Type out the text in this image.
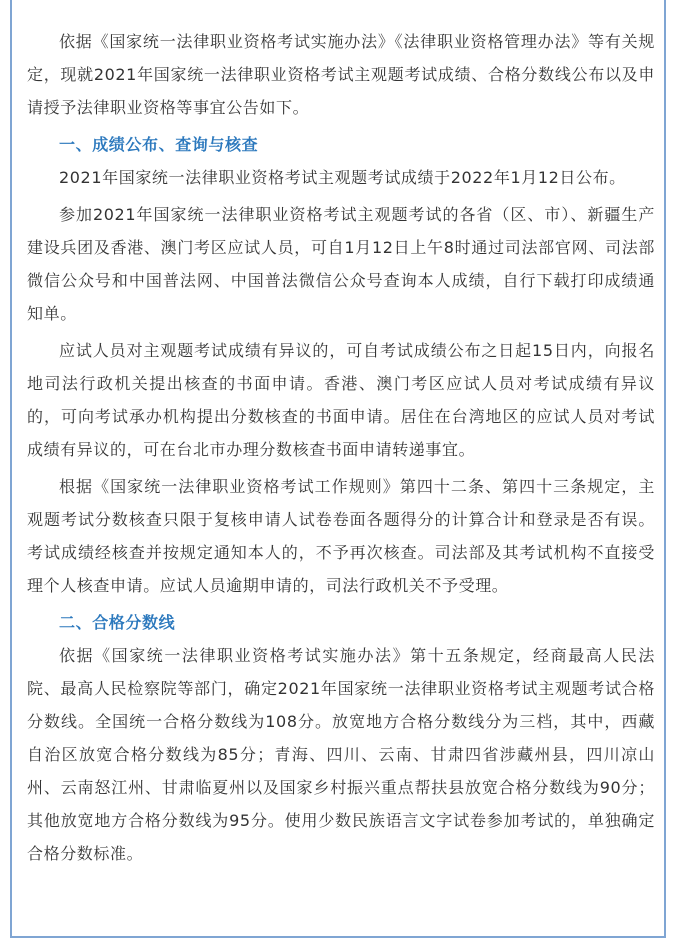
依据《国家统一法律职业资格考试实施办法》《法律职业资格管理办法》等有关规定，现就2021年国家统一法律职业资格考试主观题考试成绩、合格分数线公布以及申请授予法律职业资格等事宜公告如下。

一、成绩公布、查询与核查

2021年国家统一法律职业资格考试主观题考试成绩于2022年1月12日公布。

参加2021年国家统一法律职业资格考试主观题考试的各省（区、市）、新疆生产建设兵团及香港、澳门考区应试人员，可自1月12日上午8时通过司法部官网、司法部微信公众号和中国普法网、中国普法微信公众号查询本人成绩，自行下载打印成绩通知单。

应试人员对主观题考试成绩有异议的，可自考试成绩公布之日起15日内，向报名地司法行政机关提出核查的书面申请。香港、澳门考区应试人员对考试成绩有异议的，可向考试承办机构提出分数核查的书面申请。居住在台湾地区的应试人员对考试成绩有异议的，可在台北市办理分数核查书面申请转递事宜。

根据《国家统一法律职业资格考试工作规则》第四十二条、第四十三条规定，主观题考试分数核查只限于复核申请人试卷卷面各题得分的计算合计和登录是否有误。考试成绩经核查并按规定通知本人的，不予再次核查。司法部及其考试机构不直接受理个人核查申请。应试人员逾期申请的，司法行政机关不予受理。

二、合格分数线

依据《国家统一法律职业资格考试实施办法》第十五条规定，经商最高人民法院、最高人民检察院等部门，确定2021年国家统一法律职业资格考试主观题考试合格分数线。全国统一合格分数线为108分。放宽地方合格分数线分为三档，其中，西藏自治区放宽合格分数线为85分；青海、四川、云南、甘肃四省涉藏州县，四川凉山州、云南怒江州、甘肃临夏州以及国家乡村振兴重点帮扶县放宽合格分数线为90分；其他放宽地方合格分数线为95分。使用少数民族语言文字试卷参加考试的，单独确定合格分数标准。
